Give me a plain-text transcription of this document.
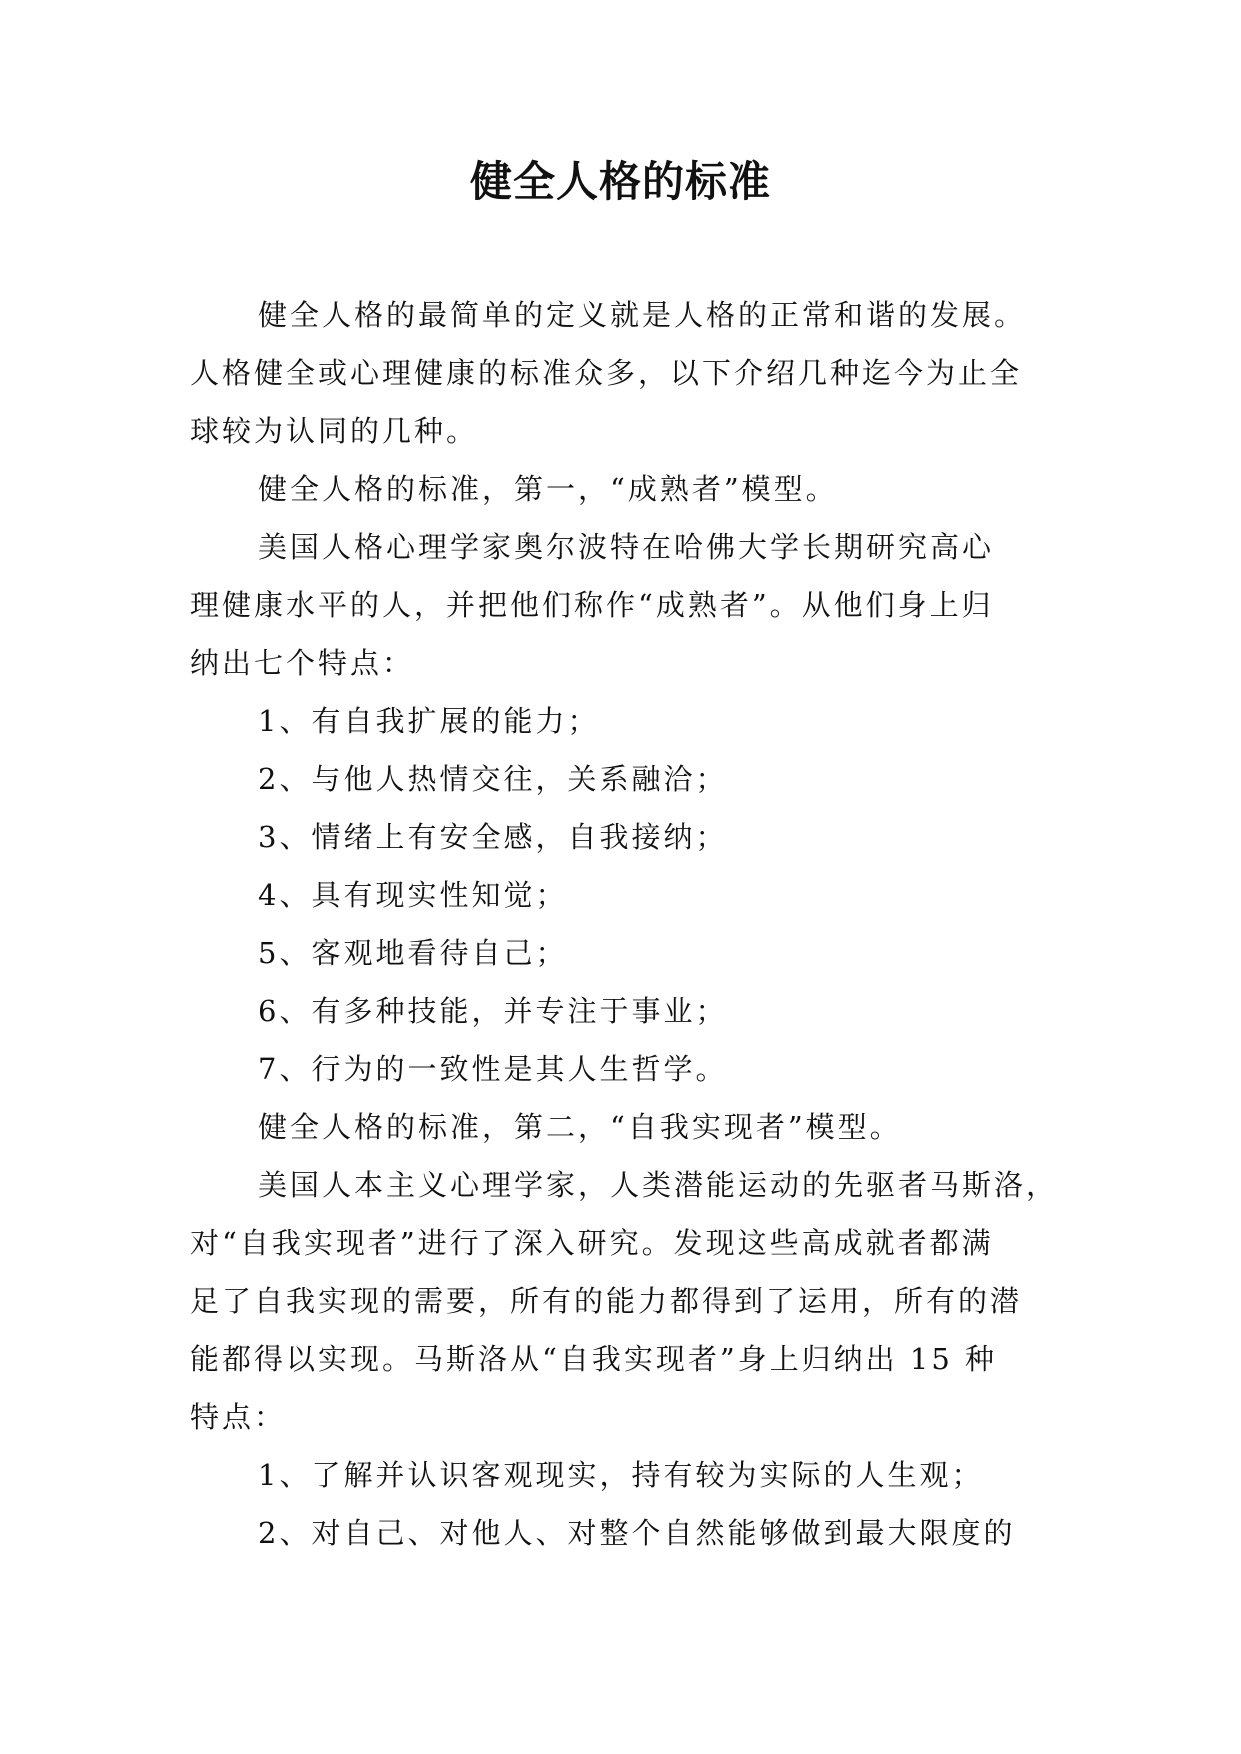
健全人格的标准

健全人格的最简单的定义就是人格的正常和谐的发展。

人格健全或心理健康的标准众多，以下介绍几种迄今为止全

球较为认同的几种。

健全人格的标准，第一，“成熟者”模型。

美国人格心理学家奥尔波特在哈佛大学长期研究高心

理健康水平的人，并把他们称作“成熟者”。从他们身上归

纳出七个特点：

1、有自我扩展的能力；

2、与他人热情交往，关系融洽；

3、情绪上有安全感，自我接纳；

4、具有现实性知觉；

5、客观地看待自己；

6、有多种技能，并专注于事业；

7、行为的一致性是其人生哲学。

健全人格的标准，第二，“自我实现者”模型。

美国人本主义心理学家，人类潜能运动的先驱者马斯洛，

对“自我实现者”进行了深入研究。发现这些高成就者都满

足了自我实现的需要，所有的能力都得到了运用，所有的潜

能都得以实现。马斯洛从“自我实现者”身上归纳出 15 种

特点：

1、了解并认识客观现实，持有较为实际的人生观；

2、对自己、对他人、对整个自然能够做到最大限度的
